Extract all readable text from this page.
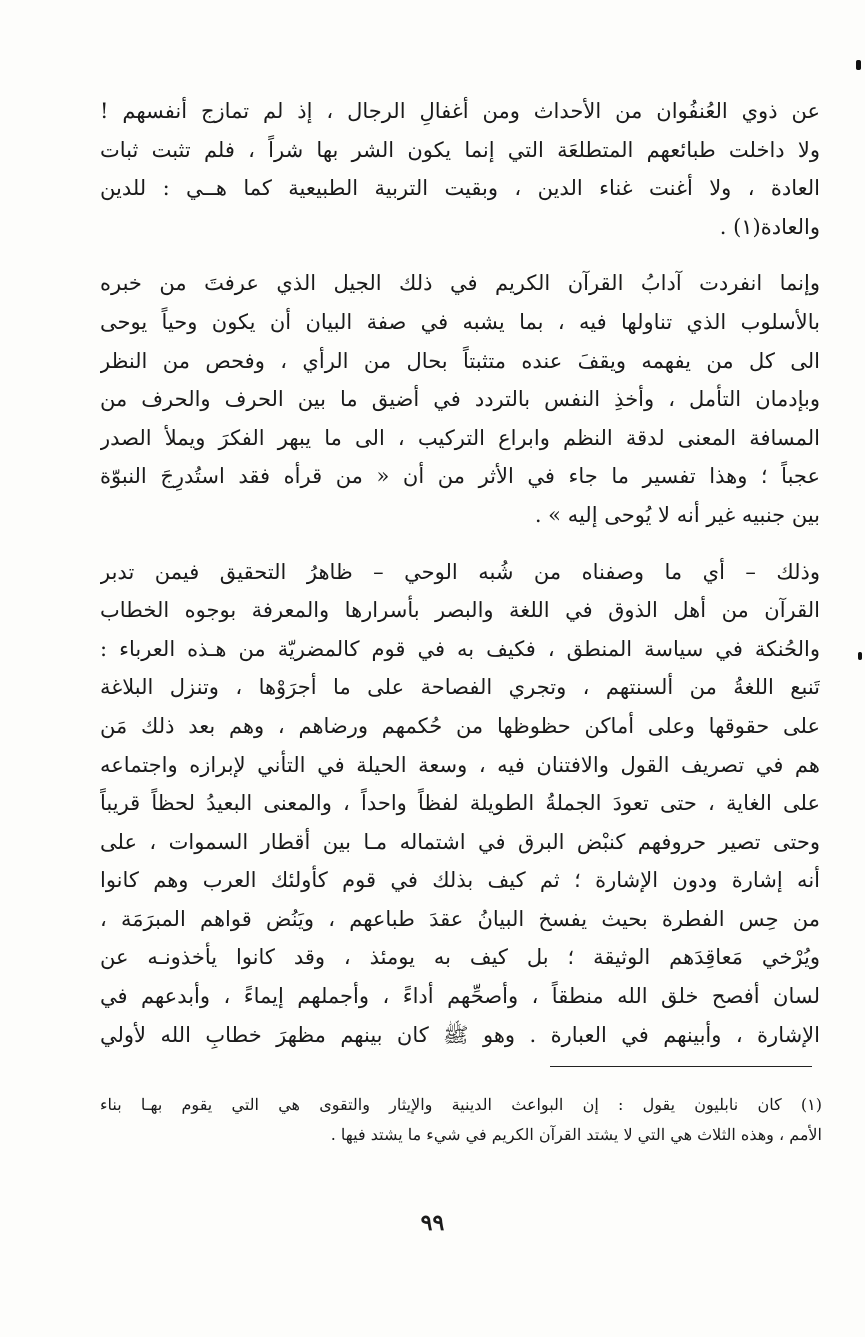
عن ذوي العُنفُوان من الأحداث ومن أغفالِ الرجال ، إذ لم تمازج أنفسهم !
ولا داخلت طبائعهم المتطلعَة التي إنما يكون الشر بها شراً ، فلم تثبت ثبات
العادة ، ولا أغنت غناء الدين ، وبقيت التربية الطبيعية كما هــي : للدين
والعادة(١) .
وإنما انفردت آدابُ القرآن الكريم في ذلك الجيل الذي عرفتَ من خبره
بالأسلوب الذي تناولها فيه ، بما يشبه في صفة البيان أن يكون وحياً يوحى
الى كل من يفهمه ويقفَ عنده متثبتاً بحال من الرأي ، وفحص من النظر
وبإدمان التأمل ، وأخذِ النفس بالتردد في أضيق ما بين الحرف والحرف من
المسافة المعنى لدقة النظم وابراع التركيب ، الى ما يبهر الفكرَ ويملأ الصدر
عجباً ؛ وهذا تفسير ما جاء في الأثر من أن « من قرأه فقد استُدرِجَ النبوّة
بين جنبيه غير أنه لا يُوحى إليه » .
وذلك – أي ما وصفناه من شُبه الوحي – ظاهرُ التحقيق فيمن تدبر
القرآن من أهل الذوق في اللغة والبصر بأسرارها والمعرفة بوجوه الخطاب
والحُنكة في سياسة المنطق ، فكيف به في قوم كالمضريّة من هـذه العرباء :
تَنبع اللغةُ من ألسنتهم ، وتجري الفصاحة على ما أجرَوْها ، وتنزل البلاغة
على حقوقها وعلى أماكن حظوظها من حُكمهم ورضاهم ، وهم بعد ذلك مَن
هم في تصريف القول والافتنان فيه ، وسعة الحيلة في التأني لإبرازه واجتماعه
على الغاية ، حتى تعودَ الجملةُ الطويلة لفظاً واحداً ، والمعنى البعيدُ لحظاً قريباً
وحتى تصير حروفهم كنبْض البرق في اشتماله مـا بين أقطار السموات ، على
أنه إشارة ودون الإشارة ؛ ثم كيف بذلك في قوم كأولئك العرب وهم كانوا
من حِس الفطرة بحيث يفسخ البيانُ عقدَ طباعهم ، ويَنُض قواهم المبرَمَة ،
ويُرْخي مَعاقِدَهم الوثيقة ؛ بل كيف به يومئذ ، وقد كانوا يأخذونـه عن
لسان أفصح خلق الله منطقاً ، وأصحِّهم أداءً ، وأجملهم إيماءً ، وأبدعهم في
الإشارة ، وأبينهم في العبارة . وهو ﷺ كان بينهم مظهرَ خطابِ الله لأولي
(١) كان نابليون يقول : إن البواعث الدينية والإيثار والتقوى هي التي يقوم بهـا بناء
الأمم ، وهذه الثلاث هي التي لا يشتد القرآن الكريم في شيء ما يشتد فيها .
٩٩
